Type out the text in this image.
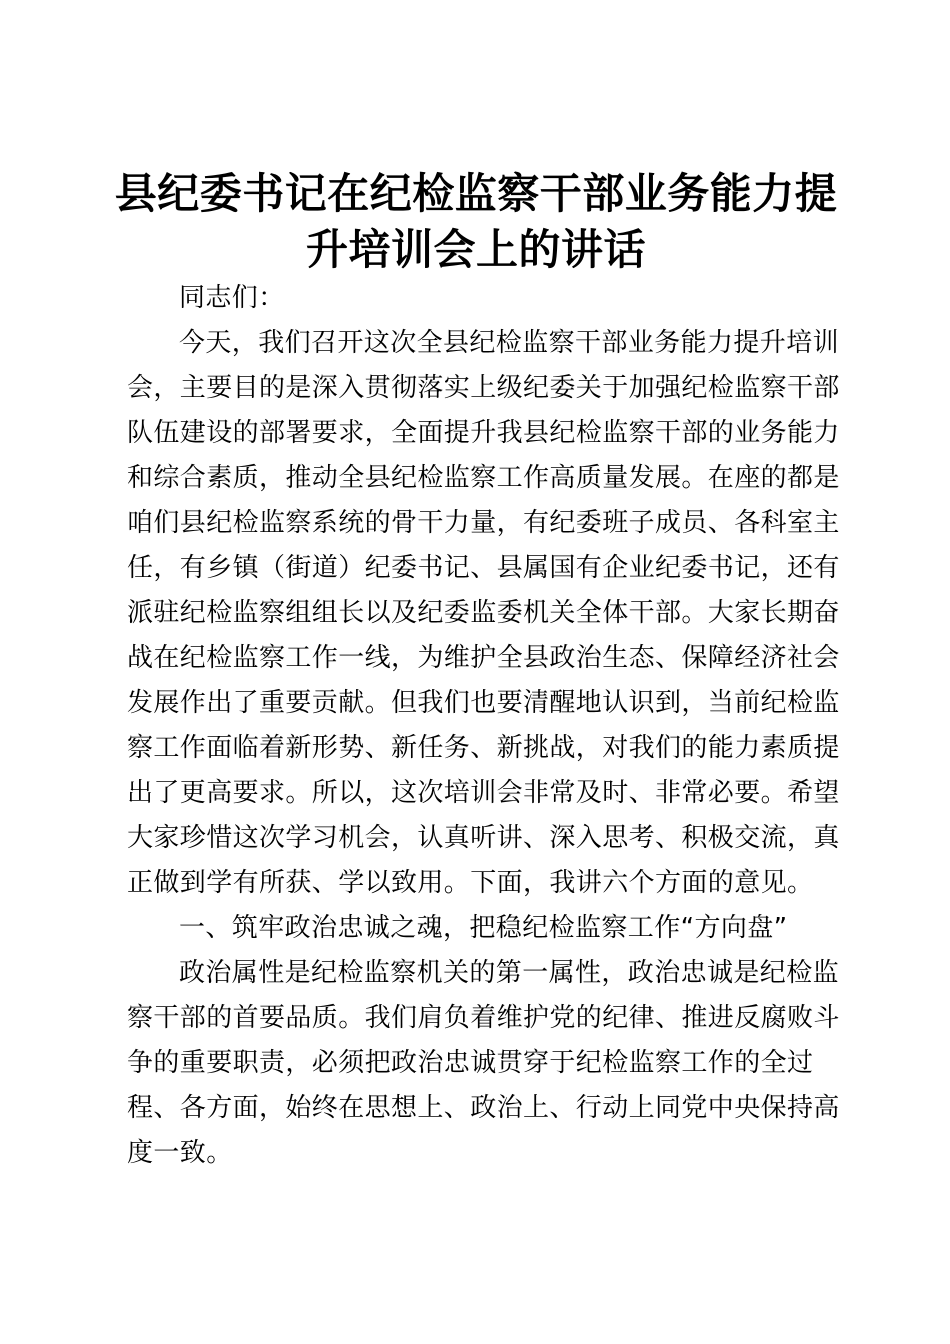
县纪委书记在纪检监察干部业务能力提
升培训会上的讲话
同志们：
今天，我们召开这次全县纪检监察干部业务能力提升培训
会，主要目的是深入贯彻落实上级纪委关于加强纪检监察干部
队伍建设的部署要求，全面提升我县纪检监察干部的业务能力
和综合素质，推动全县纪检监察工作高质量发展。在座的都是
咱们县纪检监察系统的骨干力量，有纪委班子成员、各科室主
任，有乡镇（街道）纪委书记、县属国有企业纪委书记，还有
派驻纪检监察组组长以及纪委监委机关全体干部。大家长期奋
战在纪检监察工作一线，为维护全县政治生态、保障经济社会
发展作出了重要贡献。但我们也要清醒地认识到，当前纪检监
察工作面临着新形势、新任务、新挑战，对我们的能力素质提
出了更高要求。所以，这次培训会非常及时、非常必要。希望
大家珍惜这次学习机会，认真听讲、深入思考、积极交流，真
正做到学有所获、学以致用。下面，我讲六个方面的意见。
一、筑牢政治忠诚之魂，把稳纪检监察工作“方向盘”
政治属性是纪检监察机关的第一属性，政治忠诚是纪检监
察干部的首要品质。我们肩负着维护党的纪律、推进反腐败斗
争的重要职责，必须把政治忠诚贯穿于纪检监察工作的全过
程、各方面，始终在思想上、政治上、行动上同党中央保持高
度一致。
